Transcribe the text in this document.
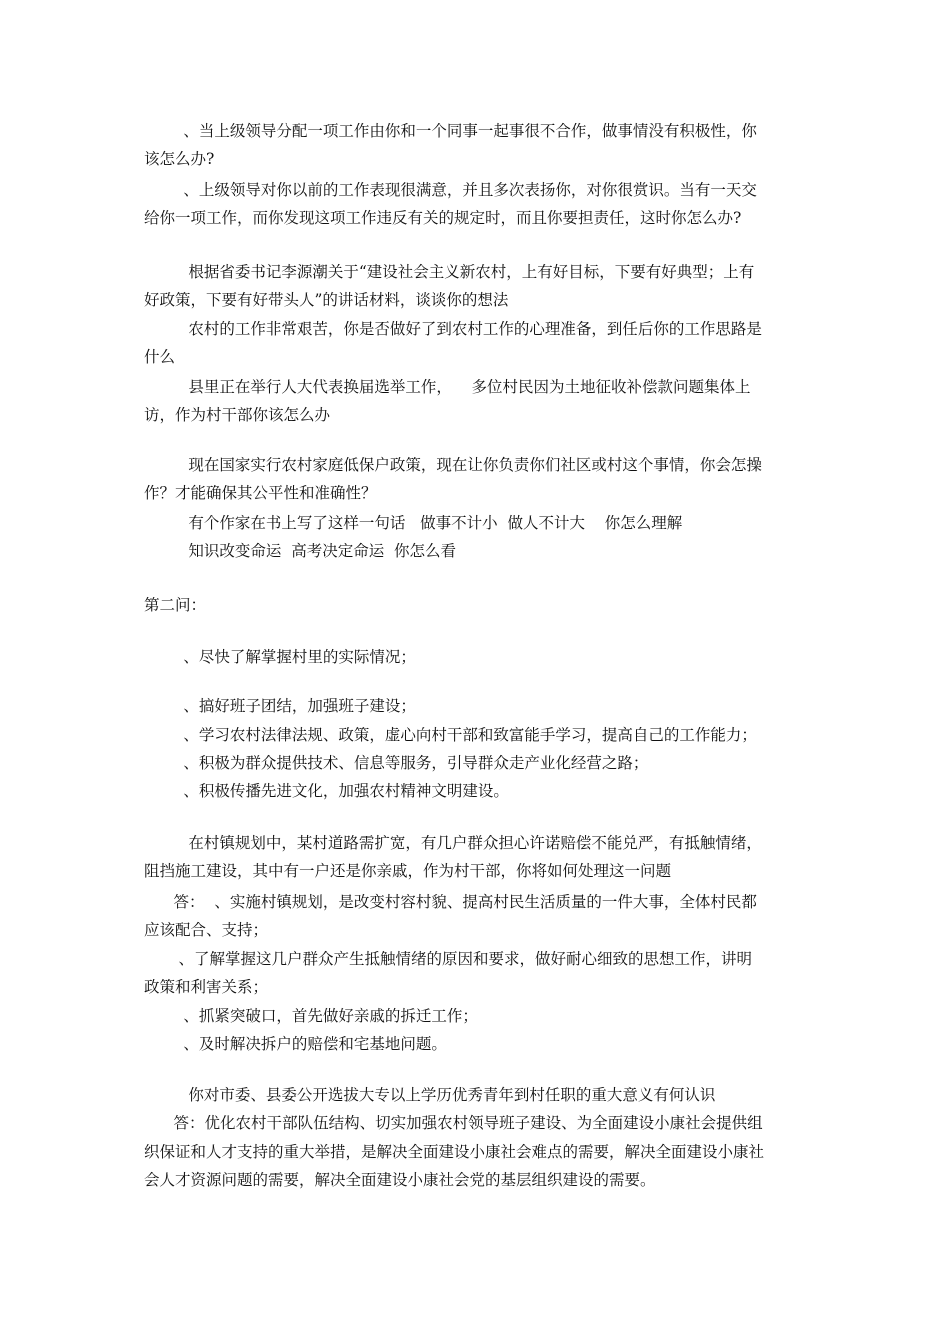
、当上级领导分配一项工作由你和一个同事一起事很不合作，做事情没有积极性，你
该怎么办?
、上级领导对你以前的工作表现很满意，并且多次表扬你，对你很赏识。当有一天交
给你一项工作，而你发现这项工作违反有关的规定时，而且你要担责任，这时你怎么办?
根据省委书记李源潮关于“建设社会主义新农村，上有好目标，下要有好典型；上有
好政策，下要有好带头人”的讲话材料，谈谈你的想法
农村的工作非常艰苦，你是否做好了到农村工作的心理准备，到任后你的工作思路是
什么
县里正在举行人大代表换届选举工作，    多位村民因为土地征收补偿款问题集体上
访，作为村干部你该怎么办
现在国家实行农村家庭低保户政策，现在让你负责你们社区或村这个事情，你会怎操
作？才能确保其公平性和准确性？
有个作家在书上写了这样一句话   做事不计小  做人不计大    你怎么理解
知识改变命运  高考决定命运  你怎么看
第二问：
、尽快了解掌握村里的实际情况；
、搞好班子团结，加强班子建设；
、学习农村法律法规、政策，虚心向村干部和致富能手学习，提高自己的工作能力；
、积极为群众提供技术、信息等服务，引导群众走产业化经营之路；
、积极传播先进文化，加强农村精神文明建设。
在村镇规划中，某村道路需扩宽，有几户群众担心许诺赔偿不能兑严，有抵触情绪，
阻挡施工建设，其中有一户还是你亲戚，作为村干部，你将如何处理这一问题
答：  、实施村镇规划，是改变村容村貌、提高村民生活质量的一件大事，全体村民都
应该配合、支持；
、了解掌握这几户群众产生抵触情绪的原因和要求，做好耐心细致的思想工作，讲明
政策和利害关系；
、抓紧突破口，首先做好亲戚的拆迁工作；
、及时解决拆户的赔偿和宅基地问题。
你对市委、县委公开选拔大专以上学历优秀青年到村任职的重大意义有何认识
答：优化农村干部队伍结构、切实加强农村领导班子建设、为全面建设小康社会提供组
织保证和人才支持的重大举措，是解决全面建设小康社会难点的需要，解决全面建设小康社
会人才资源问题的需要，解决全面建设小康社会党的基层组织建设的需要。
